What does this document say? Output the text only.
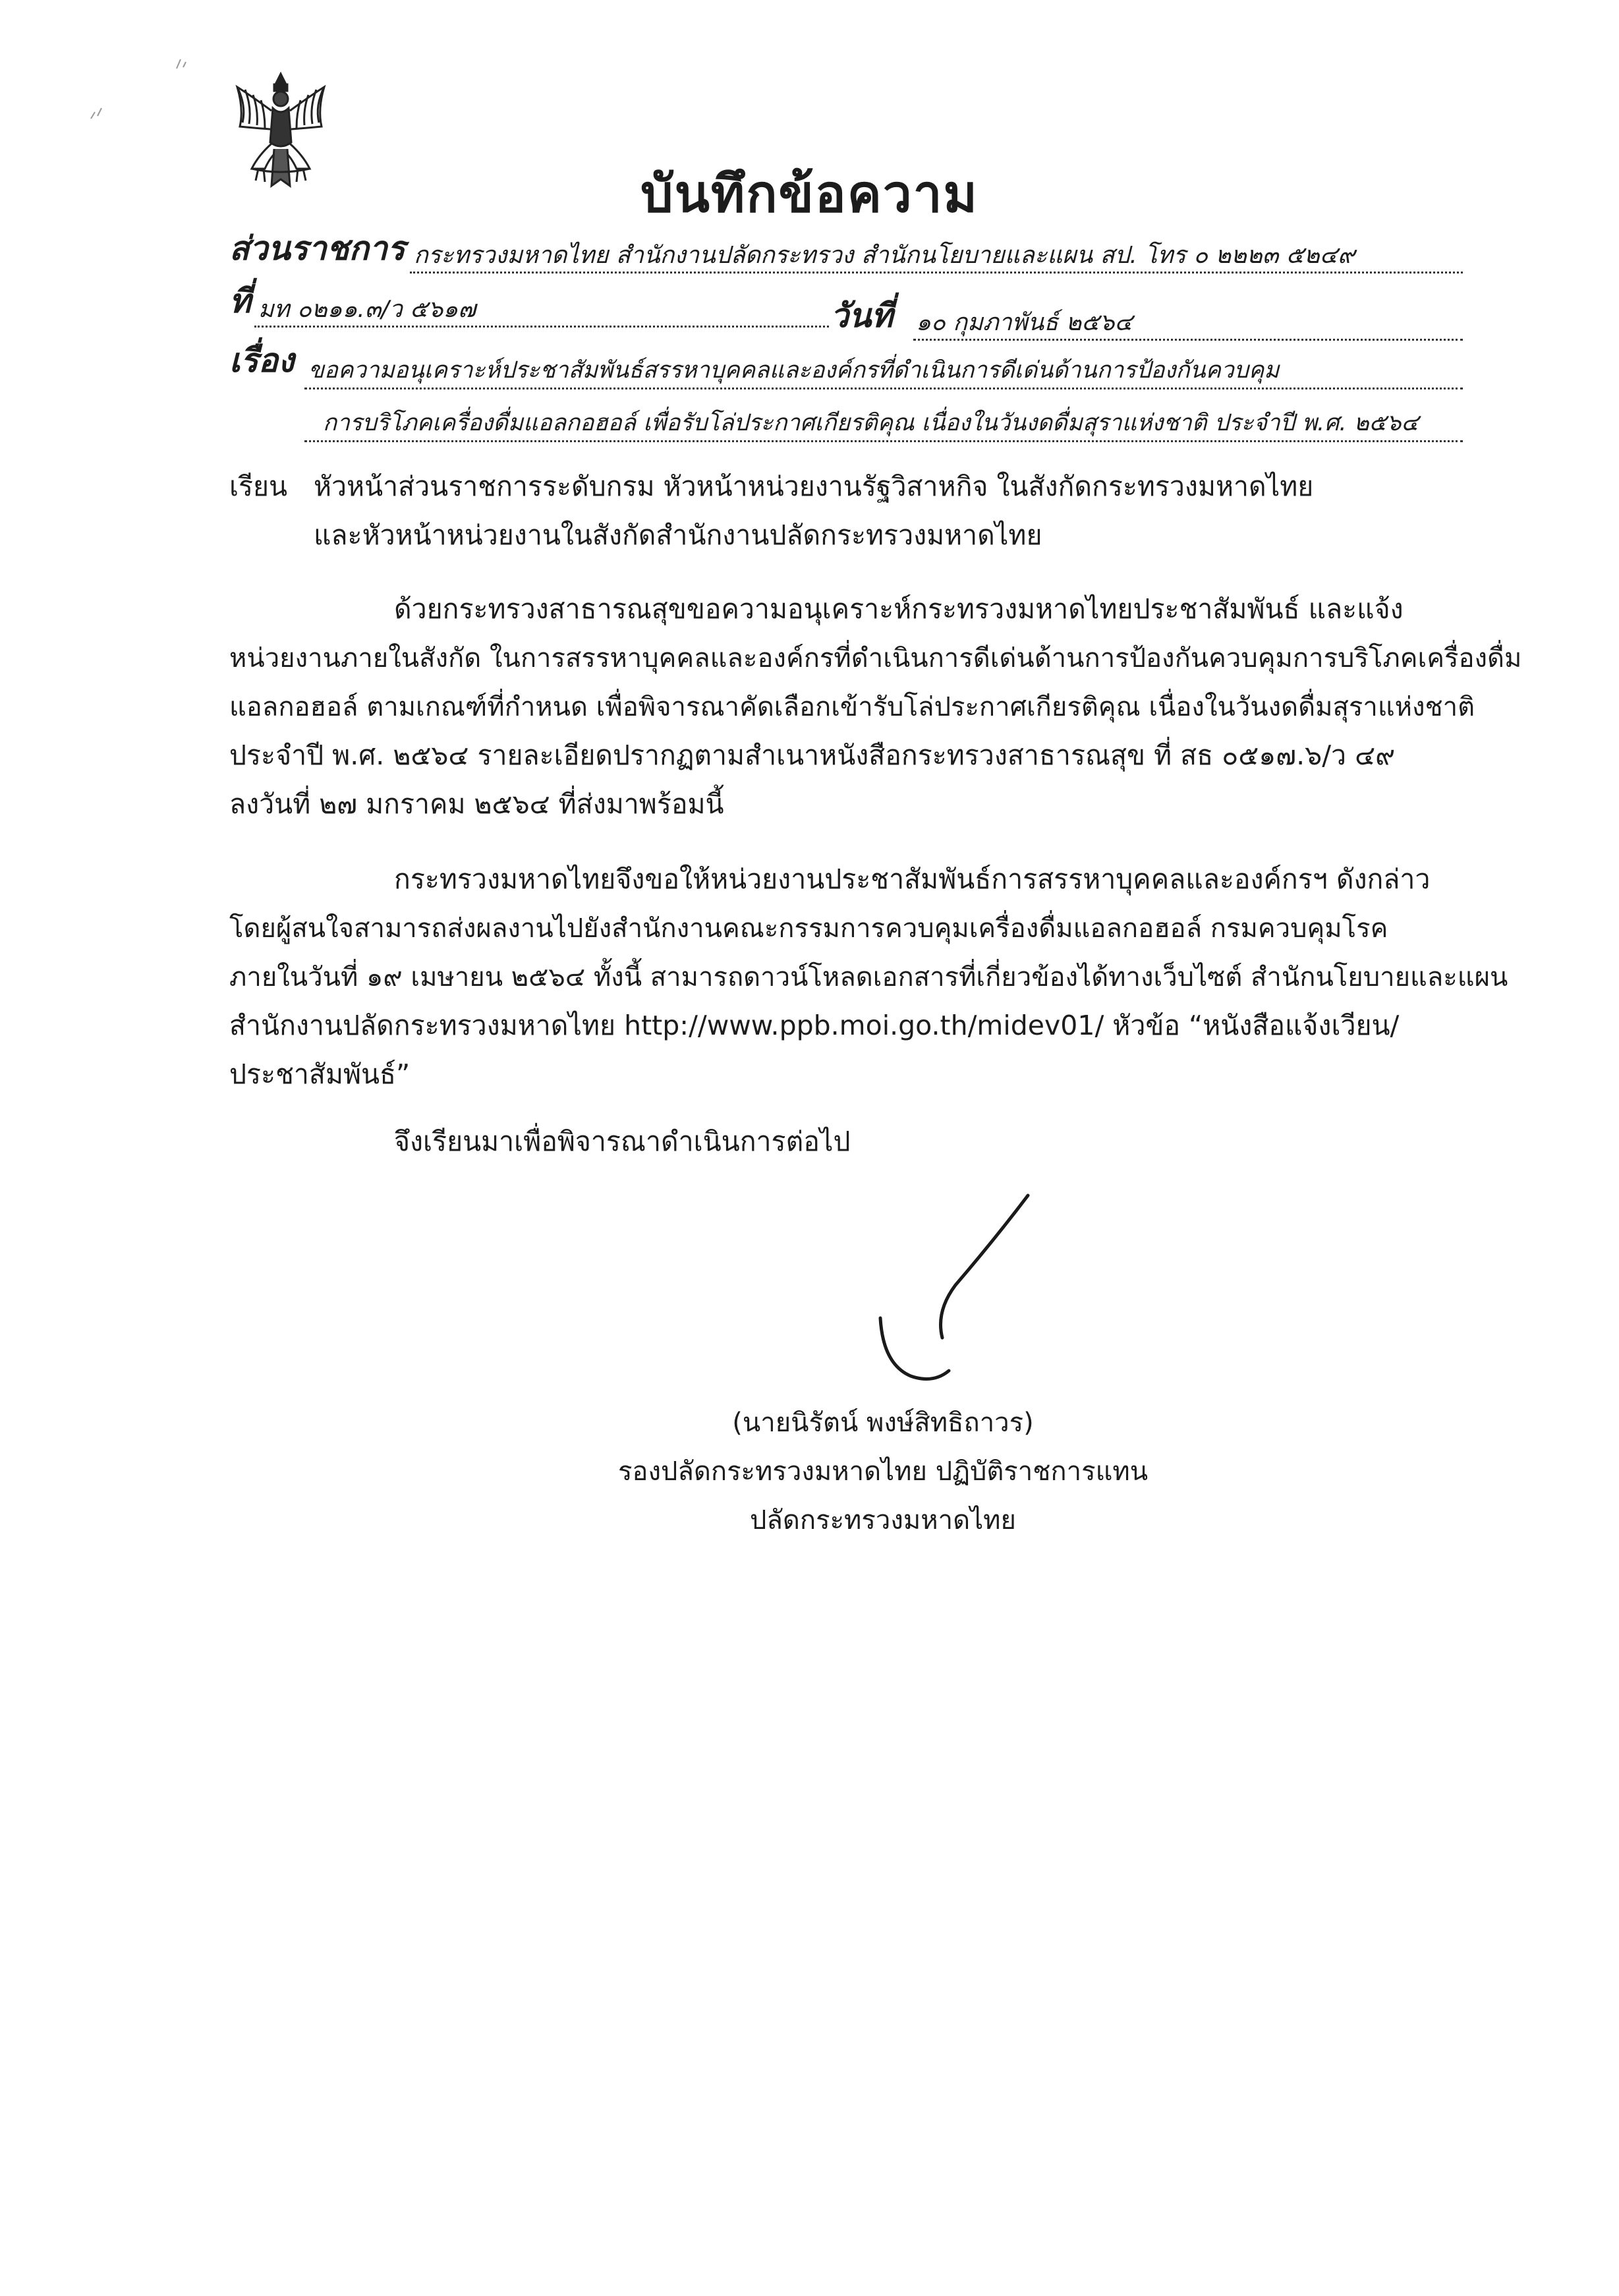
บันทึกข้อความ
ส่วนราชการ กระทรวงมหาดไทย สำนักงานปลัดกระทรวง สำนักนโยบายและแผน สป. โทร ๐ ๒๒๒๓ ๕๒๔๙
ที่ มท ๐๒๑๑.๓/ว ๕๖๑๗	วันที่ ๑๐ กุมภาพันธ์ ๒๕๖๔
เรื่อง ขอความอนุเคราะห์ประชาสัมพันธ์สรรหาบุคคลและองค์กรที่ดำเนินการดีเด่นด้านการป้องกันควบคุม
การบริโภคเครื่องดื่มแอลกอฮอล์ เพื่อรับโล่ประกาศเกียรติคุณ เนื่องในวันงดดื่มสุราแห่งชาติ ประจำปี พ.ศ. ๒๕๖๔
เรียน หัวหน้าส่วนราชการระดับกรม หัวหน้าหน่วยงานรัฐวิสาหกิจ ในสังกัดกระทรวงมหาดไทย
และหัวหน้าหน่วยงานในสังกัดสำนักงานปลัดกระทรวงมหาดไทย
ด้วยกระทรวงสาธารณสุขขอความอนุเคราะห์กระทรวงมหาดไทยประชาสัมพันธ์ และแจ้ง
หน่วยงานภายในสังกัด ในการสรรหาบุคคลและองค์กรที่ดำเนินการดีเด่นด้านการป้องกันควบคุมการบริโภคเครื่องดื่ม
แอลกอฮอล์ ตามเกณฑ์ที่กำหนด เพื่อพิจารณาคัดเลือกเข้ารับโล่ประกาศเกียรติคุณ เนื่องในวันงดดื่มสุราแห่งชาติ
ประจำปี พ.ศ. ๒๕๖๔ รายละเอียดปรากฏตามสำเนาหนังสือกระทรวงสาธารณสุข ที่ สธ ๐๕๑๗.๖/ว ๔๙
ลงวันที่ ๒๗ มกราคม ๒๕๖๔ ที่ส่งมาพร้อมนี้
กระทรวงมหาดไทยจึงขอให้หน่วยงานประชาสัมพันธ์การสรรหาบุคคลและองค์กรฯ ดังกล่าว
โดยผู้สนใจสามารถส่งผลงานไปยังสำนักงานคณะกรรมการควบคุมเครื่องดื่มแอลกอฮอล์ กรมควบคุมโรค
ภายในวันที่ ๑๙ เมษายน ๒๕๖๔ ทั้งนี้ สามารถดาวน์โหลดเอกสารที่เกี่ยวข้องได้ทางเว็บไซต์ สำนักนโยบายและแผน
สำนักงานปลัดกระทรวงมหาดไทย http://www.ppb.moi.go.th/midev01/ หัวข้อ “หนังสือแจ้งเวียน/
ประชาสัมพันธ์”
จึงเรียนมาเพื่อพิจารณาดำเนินการต่อไป
(นายนิรัตน์ พงษ์สิทธิถาวร)
รองปลัดกระทรวงมหาดไทย ปฏิบัติราชการแทน
ปลัดกระทรวงมหาดไทย
